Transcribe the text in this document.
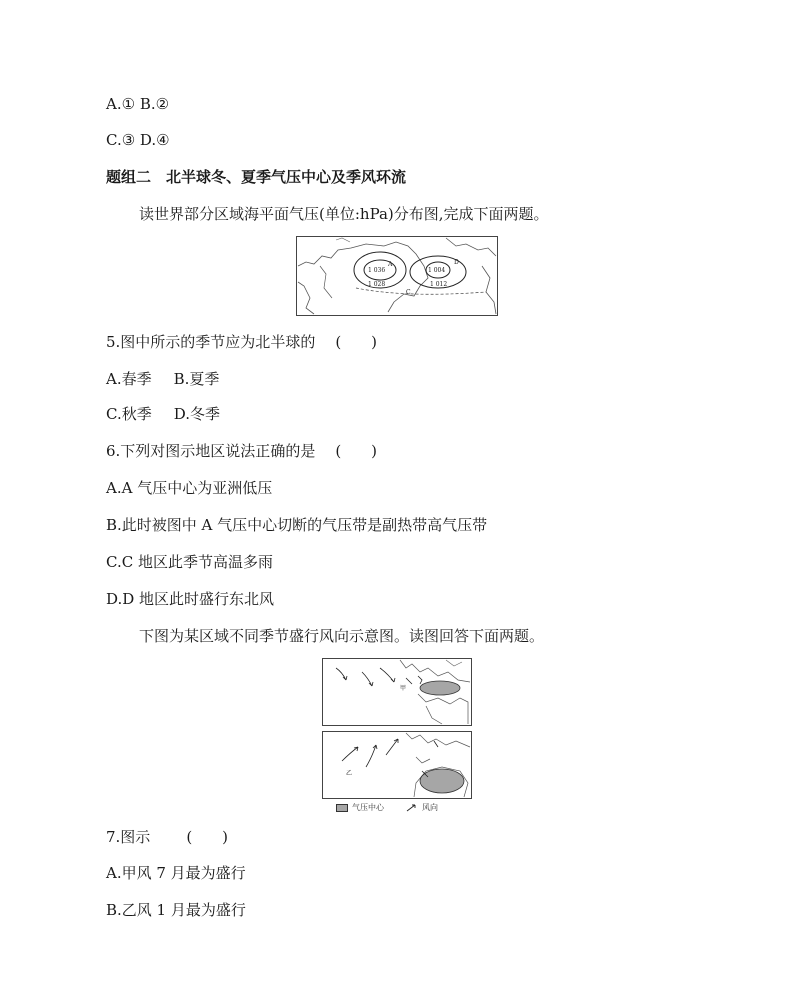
A.① B.②
C.③ D.④
题组二　北半球冬、夏季气压中心及季风环流
读世界部分区域海平面气压(单位:hPa)分布图,完成下面两题。
1 036
1 028
1 004
1 012
A
C
D
5.图中所示的季节应为北半球的 (　　)
A.春季 B.夏季
C.秋季 D.冬季
6.下列对图示地区说法正确的是 (　　)
A.A 气压中心为亚洲低压
B.此时被图中 A 气压中心切断的气压带是副热带高气压带
C.C 地区此季节高温多雨
D.D 地区此时盛行东北风
下图为某区域不同季节盛行风向示意图。读图回答下面两题。
甲
乙
气压中心	风向
7.图示 (　　)
A.甲风 7 月最为盛行
B.乙风 1 月最为盛行
